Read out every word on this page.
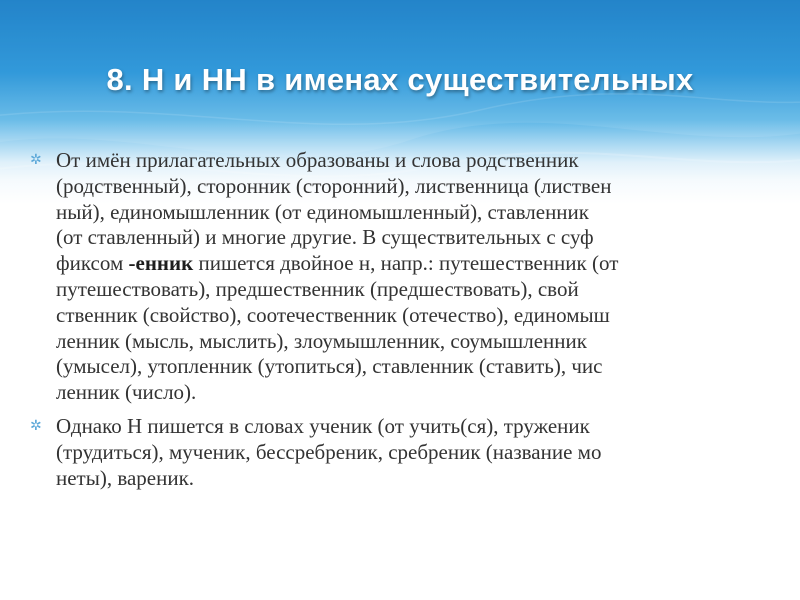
8. Н и НН в именах существительных
✲ От имён прилагательных образованы и слова родственник
(родственный), сторонник (сторонний), лиственница (листвен
ный), единомышленник (от единомышленный), ставленник
(от ставленный) и многие другие. В существительных с суф
фиксом -енник пишется двойное н, напр.: путешественник (от
путешествовать), предшественник (предшествовать), свой
ственник (свойство), соотечественник (отечество), единомыш
ленник (мысль, мыслить), злоумышленник, соумышленник
(умысел), утопленник (утопиться), ставленник (ставить), чис
ленник (число).
✲ Однако Н пишется в словах ученик (от учить(ся), труженик
(трудиться), мученик, бессребреник, сребреник (название мо
неты), вареник.
